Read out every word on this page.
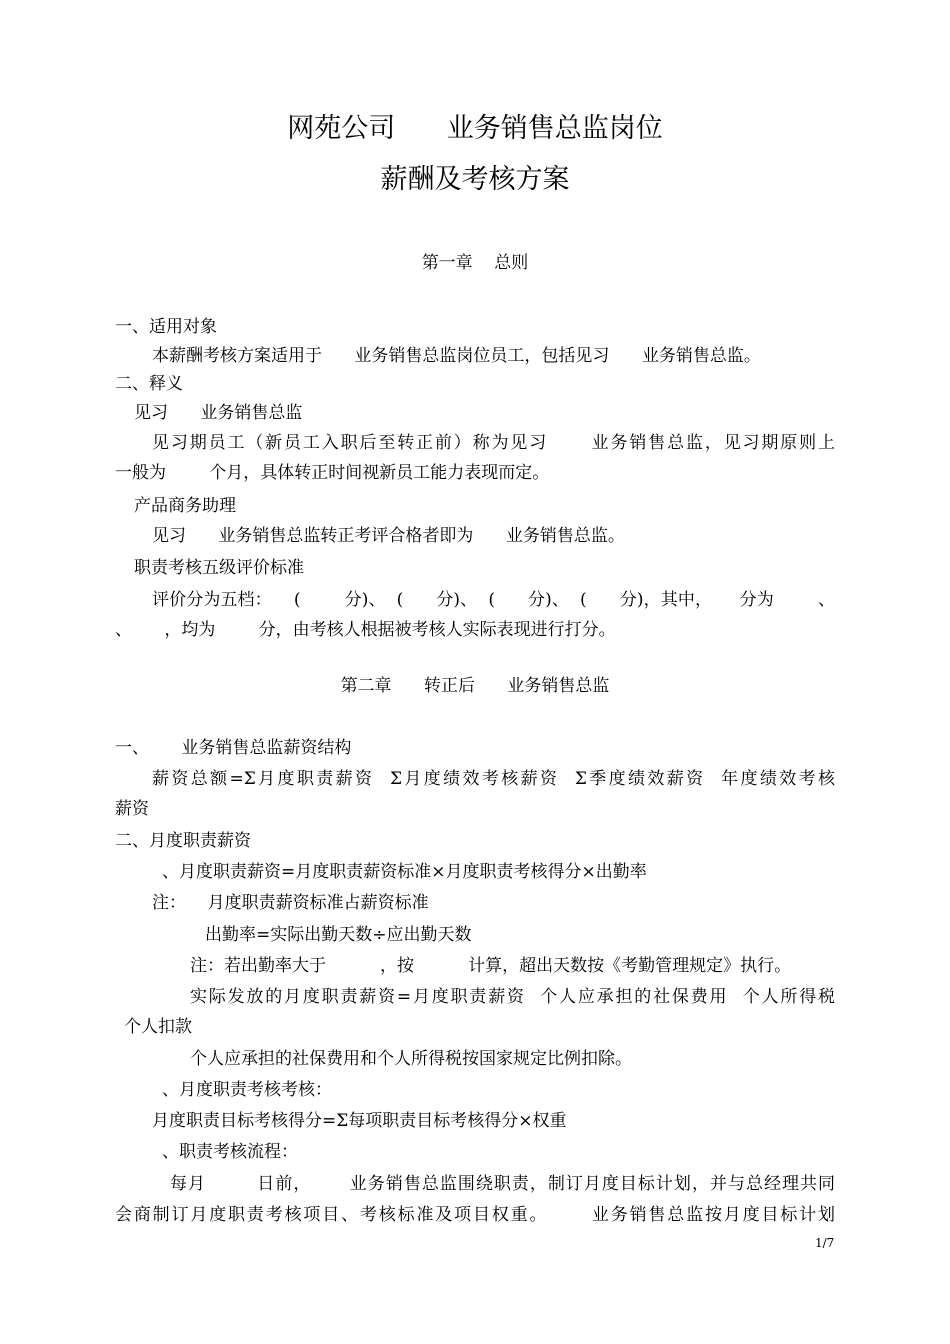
网苑公司      业务销售总监岗位
薪酬及考核方案
第一章    总则
一、适用对象
本薪酬考核方案适用于      业务销售总监岗位员工，包括见习      业务销售总监。
二、释义
见习      业务销售总监
见习期员工（新员工入职后至转正前）称为见习      业务销售总监，见习期原则上
一般为        个月，具体转正时间视新员工能力表现而定。
产品商务助理
见习      业务销售总监转正考评合格者即为      业务销售总监。
职责考核五级评价标准
评价分为五档：    (        分)、  (      分)、  (      分)、  (      分)，其中，     分为        、
、      ，均为        分，由考核人根据被考核人实际表现进行打分。
第二章      转正后      业务销售总监
一、      业务销售总监薪资结构
薪资总额=Σ月度职责薪资  Σ月度绩效考核薪资  Σ季度绩效薪资  年度绩效考核
薪资
二、月度职责薪资
、月度职责薪资=月度职责薪资标准×月度职责考核得分×出勤率
注：    月度职责薪资标准占薪资标准
出勤率=实际出勤天数÷应出勤天数
注：若出勤率大于          ，按          计算，超出天数按《考勤管理规定》执行。
实际发放的月度职责薪资=月度职责薪资  个人应承担的社保费用  个人所得税
个人扣款
个人应承担的社保费用和个人所得税按国家规定比例扣除。
、月度职责考核考核：
月度职责目标考核得分=Σ每项职责目标考核得分×权重
、职责考核流程：
每月        日前，      业务销售总监围绕职责，制订月度目标计划，并与总经理共同
会商制订月度职责考核项目、考核标准及项目权重。      业务销售总监按月度目标计划
1/7
